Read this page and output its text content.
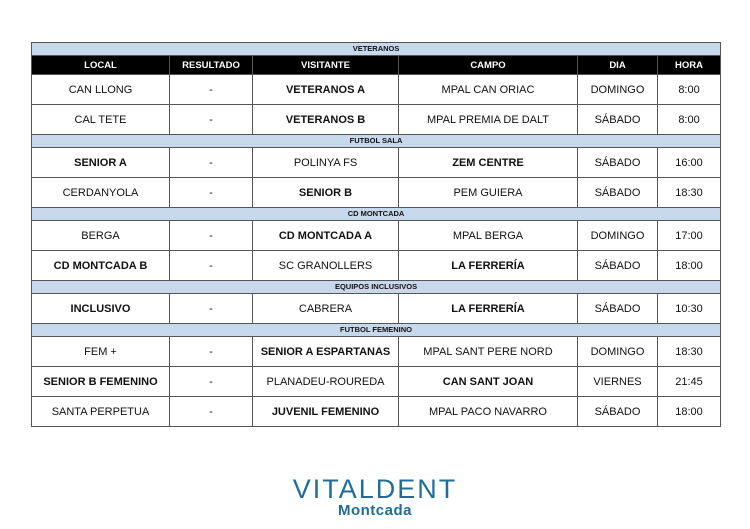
VETERANOS					
LOCAL	RESULTADO	VISITANTE	CAMPO	DIA	HORA
CAN LLONG	-	VETERANOS A	MPAL CAN ORIAC	DOMINGO	8:00
CAL TETE	-	VETERANOS B	MPAL PREMIA DE DALT	SÁBADO	8:00
FUTBOL SALA					
SENIOR A	-	POLINYA FS	ZEM CENTRE	SÁBADO	16:00
CERDANYOLA	-	SENIOR B	PEM GUIERA	SÁBADO	18:30
CD MONTCADA					
BERGA	-	CD MONTCADA A	MPAL BERGA	DOMINGO	17:00
CD MONTCADA B	-	SC GRANOLLERS	LA FERRERÍA	SÁBADO	18:00
EQUIPOS INCLUSIVOS					
INCLUSIVO	-	CABRERA	LA FERRERÍA	SÁBADO	10:30
FUTBOL FEMENINO					
FEM +	-	SENIOR A ESPARTANAS	MPAL SANT PERE NORD	DOMINGO	18:30
SENIOR B FEMENINO	-	PLANADEU-ROUREDA	CAN SANT JOAN	VIERNES	21:45
SANTA PERPETUA	-	JUVENIL FEMENINO	MPAL PACO NAVARRO	SÁBADO	18:00
VITALDENT
Montcada
